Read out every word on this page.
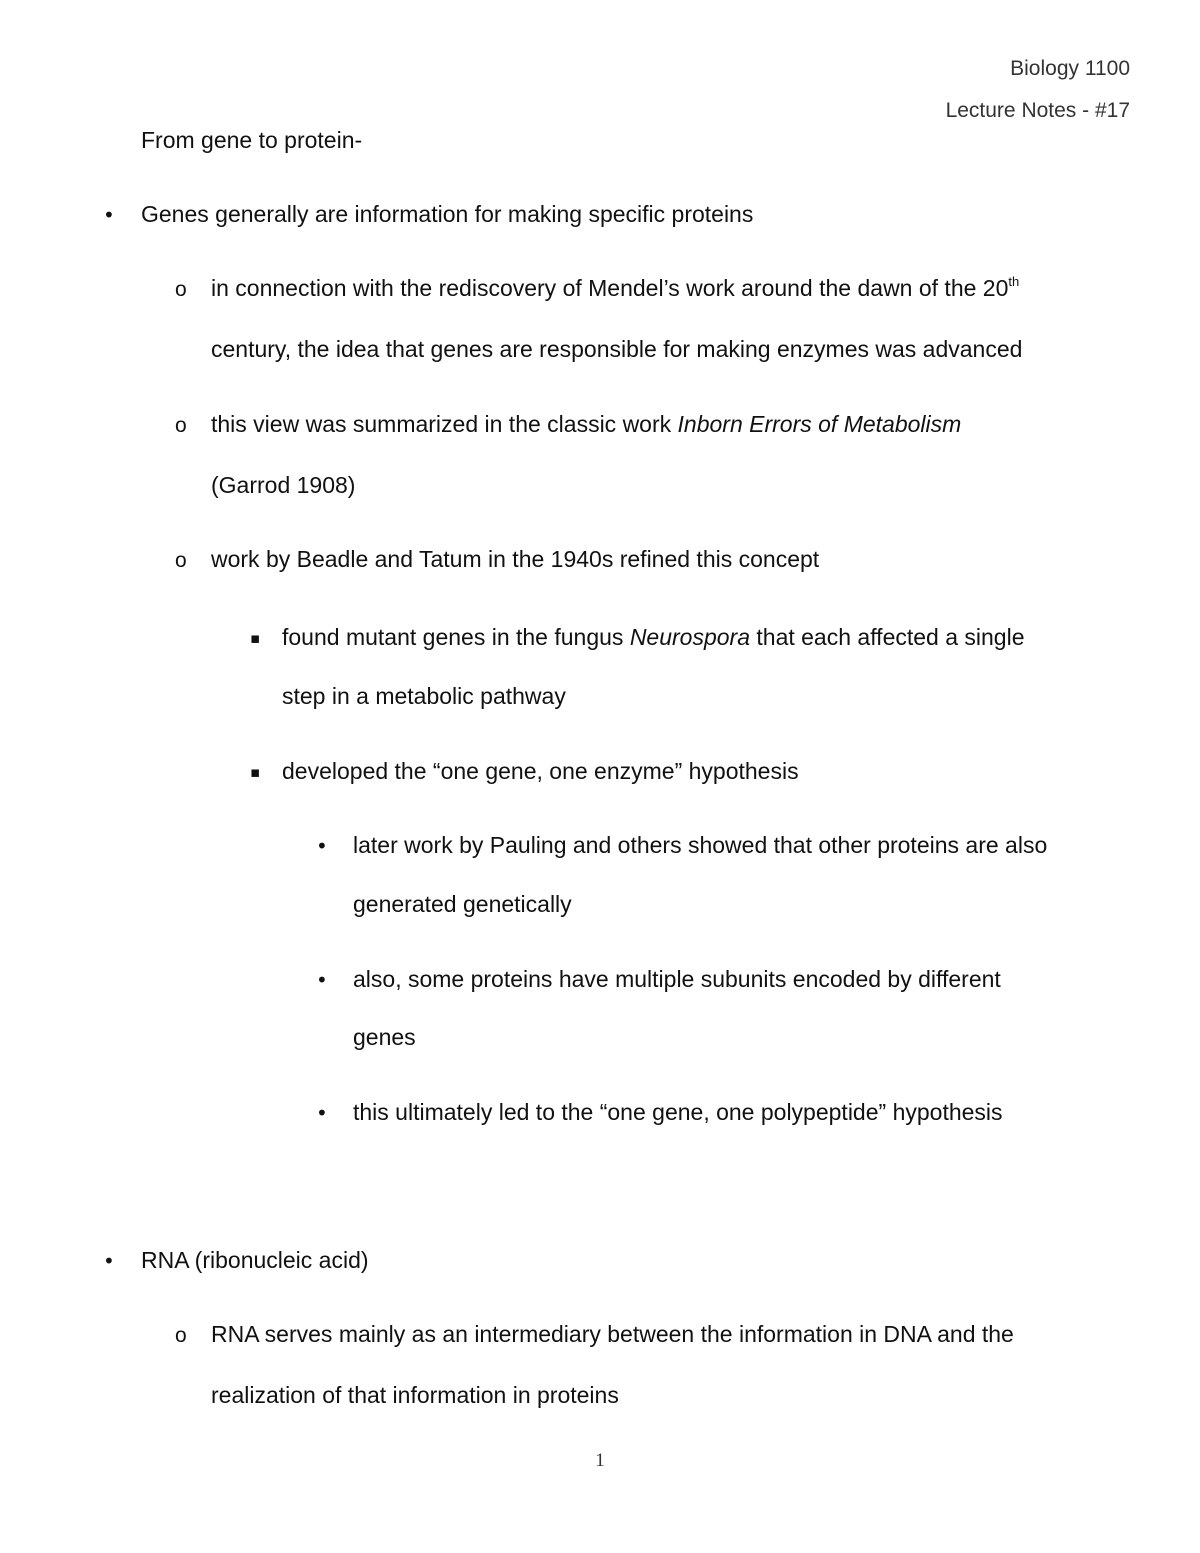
Biology 1100
Lecture Notes - #17
From gene to protein-
• Genes generally are information for making specific proteins
o in connection with the rediscovery of Mendel’s work around the dawn of the 20th
century, the idea that genes are responsible for making enzymes was advanced
o this view was summarized in the classic work Inborn Errors of Metabolism
(Garrod 1908)
o work by Beadle and Tatum in the 1940s refined this concept
▪ found mutant genes in the fungus Neurospora that each affected a single
step in a metabolic pathway
▪ developed the “one gene, one enzyme” hypothesis
• later work by Pauling and others showed that other proteins are also
generated genetically
• also, some proteins have multiple subunits encoded by different
genes
• this ultimately led to the “one gene, one polypeptide” hypothesis
• RNA (ribonucleic acid)
o RNA serves mainly as an intermediary between the information in DNA and the
realization of that information in proteins
1
